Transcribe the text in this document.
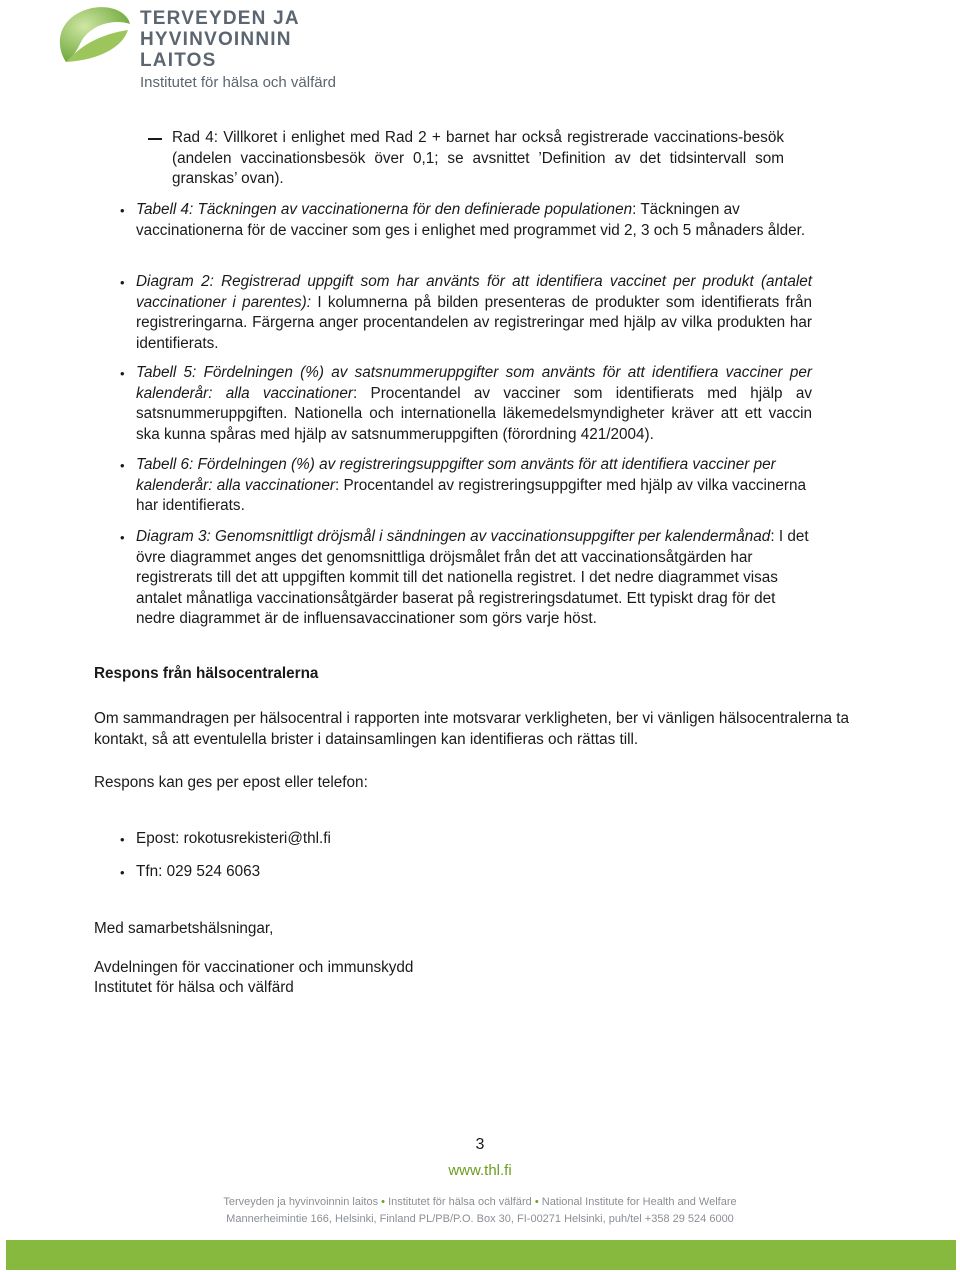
TERVEYDEN JA
HYVINVOINNIN LAITOS
Institutet för hälsa och välfärd
Rad 4: Villkoret i enlighet med Rad 2 + barnet har också registrerade vaccinations-besök (andelen vaccinationsbesök över 0,1; se avsnittet ’Definition av det tidsintervall som granskas’ ovan).
• Tabell 4: Täckningen av vaccinationerna för den definierade populationen: Täckningen av vaccinationerna för de vacciner som ges i enlighet med programmet vid 2, 3 och 5 månaders ålder.
• Diagram 2: Registrerad uppgift som har använts för att identifiera vaccinet per produkt (antalet vaccinationer i parentes): I kolumnerna på bilden presenteras de produkter som identifierats från registreringarna. Färgerna anger procentandelen av registreringar med hjälp av vilka produkten har identifierats.
• Tabell 5: Fördelningen (%) av satsnummeruppgifter som använts för att identifiera vacciner per kalenderår: alla vaccinationer: Procentandel av vacciner som identifierats med hjälp av satsnummeruppgiften. Nationella och internationella läkemedelsmyndigheter kräver att ett vaccin ska kunna spåras med hjälp av satsnummeruppgiften (förordning 421/2004).
• Tabell 6: Fördelningen (%) av registreringsuppgifter som använts för att identifiera vacciner per kalenderår: alla vaccinationer: Procentandel av registreringsuppgifter med hjälp av vilka vaccinerna har identifierats.
• Diagram 3: Genomsnittligt dröjsmål i sändningen av vaccinationsuppgifter per kalendermånad: I det övre diagrammet anges det genomsnittliga dröjsmålet från det att vaccinationsåtgärden har registrerats till det att uppgiften kommit till det nationella registret. I det nedre diagrammet visas antalet månatliga vaccinationsåtgärder baserat på registreringsdatumet. Ett typiskt drag för det nedre diagrammet är de influensavaccinationer som görs varje höst.
Respons från hälsocentralerna
Om sammandragen per hälsocentral i rapporten inte motsvarar verkligheten, ber vi vänligen hälsocentralerna ta kontakt, så att eventulella brister i datainsamlingen kan identifieras och rättas till.
Respons kan ges per epost eller telefon:
• Epost: rokotusrekisteri@thl.fi
• Tfn: 029 524 6063
Med samarbetshälsningar,
Avdelningen för vaccinationer och immunskydd
Institutet för hälsa och välfärd
3
www.thl.fi
Terveyden ja hyvinvoinnin laitos • Institutet för hälsa och välfärd • National Institute for Health and Welfare
Mannerheimintie 166, Helsinki, Finland PL/PB/P.O. Box 30, FI-00271 Helsinki, puh/tel +358 29 524 6000
